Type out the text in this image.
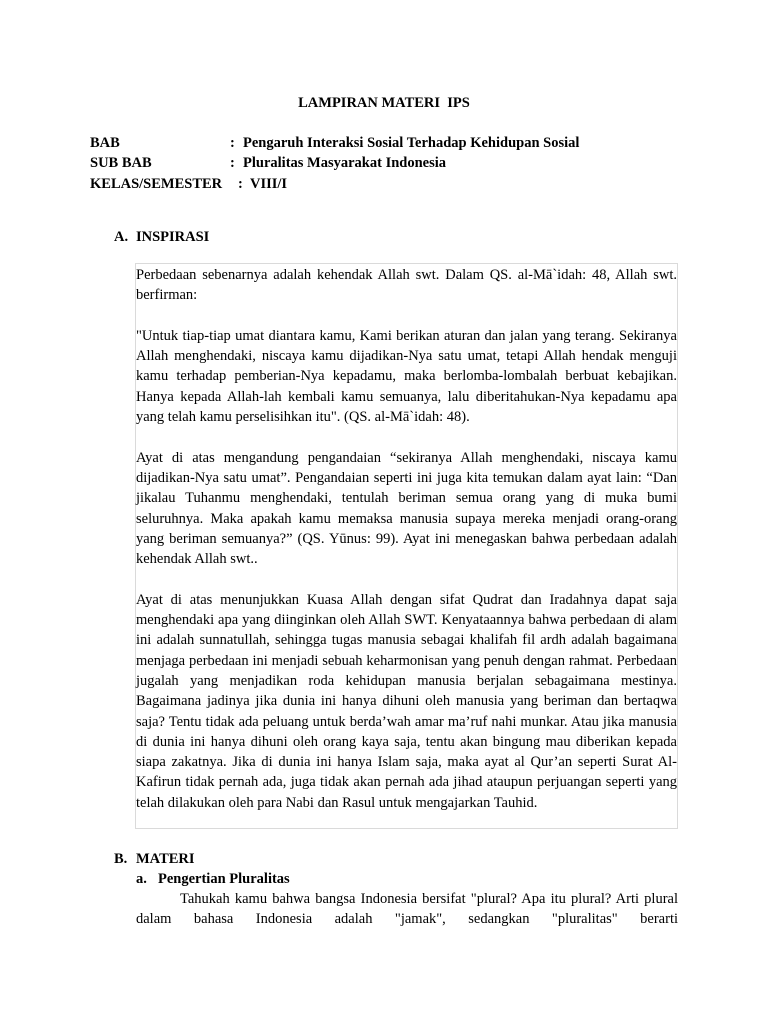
LAMPIRAN MATERI  IPS
BAB	: Pengaruh Interaksi Sosial Terhadap Kehidupan Sosial
SUB BAB	: Pluralitas Masyarakat Indonesia
KELAS/SEMESTER : VIII/I
A. INSPIRASI

Perbedaan sebenarnya adalah kehendak Allah swt. Dalam QS. al-Mā`idah: 48, Allah swt. berfirman:

"Untuk tiap-tiap umat diantara kamu, Kami berikan aturan dan jalan yang terang. Sekiranya Allah menghendaki, niscaya kamu dijadikan-Nya satu umat, tetapi Allah hendak menguji kamu terhadap pemberian-Nya kepadamu, maka berlomba-lombalah berbuat kebajikan. Hanya kepada Allah-lah kembali kamu semuanya, lalu diberitahukan-Nya kepadamu apa yang telah kamu perselisihkan itu". (QS. al-Mā`idah: 48).

Ayat di atas mengandung pengandaian “sekiranya Allah menghendaki, niscaya kamu dijadikan-Nya satu umat”. Pengandaian seperti ini juga kita temukan dalam ayat lain: “Dan jikalau Tuhanmu menghendaki, tentulah beriman semua orang yang di muka bumi seluruhnya. Maka apakah kamu memaksa manusia supaya mereka menjadi orang-orang yang beriman semuanya?” (QS. Yūnus: 99). Ayat ini menegaskan bahwa perbedaan adalah kehendak Allah swt..

Ayat di atas menunjukkan Kuasa Allah dengan sifat Qudrat dan Iradahnya dapat saja menghendaki apa yang diinginkan oleh Allah SWT. Kenyataannya bahwa perbedaan di alam ini adalah sunnatullah, sehingga tugas manusia sebagai khalifah fil ardh adalah bagaimana menjaga perbedaan ini menjadi sebuah keharmonisan yang penuh dengan rahmat. Perbedaan jugalah yang menjadikan roda kehidupan manusia berjalan sebagaimana mestinya. Bagaimana jadinya jika dunia ini hanya dihuni oleh manusia yang beriman dan bertaqwa saja? Tentu tidak ada peluang untuk berda’wah amar ma’ruf nahi munkar. Atau jika manusia di dunia ini hanya dihuni oleh orang kaya saja, tentu akan bingung mau diberikan kepada siapa zakatnya. Jika di dunia ini hanya Islam saja, maka ayat al Qur’an seperti Surat Al-Kafirun tidak pernah ada, juga tidak akan pernah ada jihad ataupun perjuangan seperti yang telah dilakukan oleh para Nabi dan Rasul untuk mengajarkan Tauhid.

B. MATERI
a. Pengertian Pluralitas

Tahukah kamu bahwa bangsa Indonesia bersifat "plural? Apa itu plural? Arti plural dalam bahasa Indonesia adalah "jamak", sedangkan "pluralitas" berarti
